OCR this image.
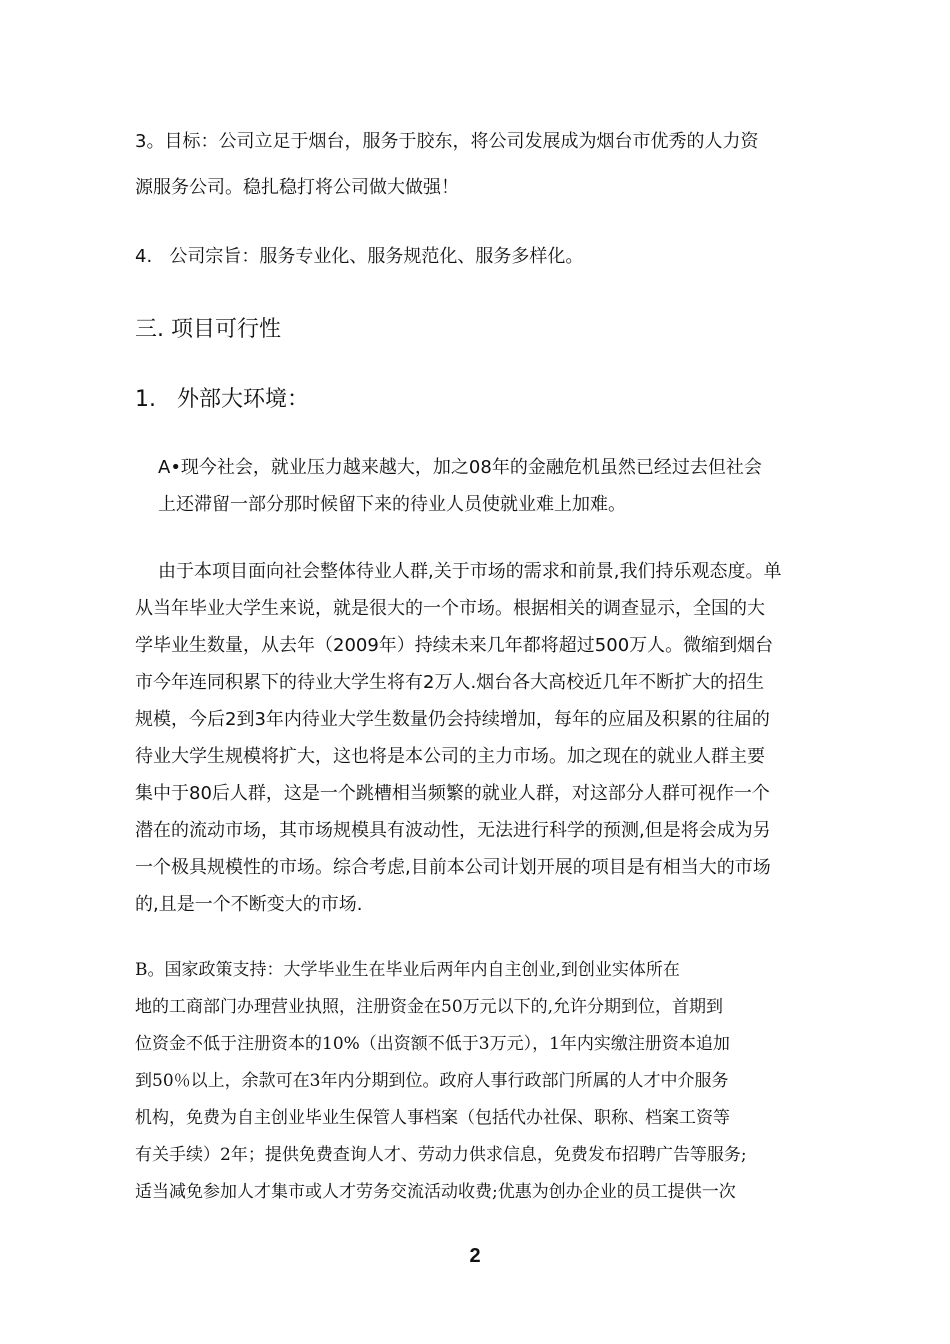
3。目标：公司立足于烟台，服务于胶东，将公司发展成为烟台市优秀的人力资
源服务公司。稳扎稳打将公司做大做强！
4.   公司宗旨：服务专业化、服务规范化、服务多样化。
三. 项目可行性
1.   外部大环境：
A•现今社会，就业压力越来越大，加之08年的金融危机虽然已经过去但社会
上还滞留一部分那时候留下来的待业人员使就业难上加难。
由于本项目面向社会整体待业人群,关于市场的需求和前景,我们持乐观态度。单
从当年毕业大学生来说，就是很大的一个市场。根据相关的调查显示，全国的大
学毕业生数量，从去年（2009年）持续未来几年都将超过500万人。微缩到烟台
市今年连同积累下的待业大学生将有2万人.烟台各大高校近几年不断扩大的招生
规模，今后2到3年内待业大学生数量仍会持续增加，每年的应届及积累的往届的
待业大学生规模将扩大，这也将是本公司的主力市场。加之现在的就业人群主要
集中于80后人群，这是一个跳槽相当频繁的就业人群，对这部分人群可视作一个
潜在的流动市场，其市场规模具有波动性，无法进行科学的预测,但是将会成为另
一个极具规模性的市场。综合考虑,目前本公司计划开展的项目是有相当大的市场
的,且是一个不断变大的市场.
B。国家政策支持：大学毕业生在毕业后两年内自主创业,到创业实体所在
地的工商部门办理营业执照，注册资金在50万元以下的,允许分期到位，首期到
位资金不低于注册资本的10%（出资额不低于3万元），1年内实缴注册资本追加
到50％以上，余款可在3年内分期到位。政府人事行政部门所属的人才中介服务
机构，免费为自主创业毕业生保管人事档案（包括代办社保、职称、档案工资等
有关手续）2年；提供免费查询人才、劳动力供求信息，免费发布招聘广告等服务;
适当减免参加人才集市或人才劳务交流活动收费;优惠为创办企业的员工提供一次
2
